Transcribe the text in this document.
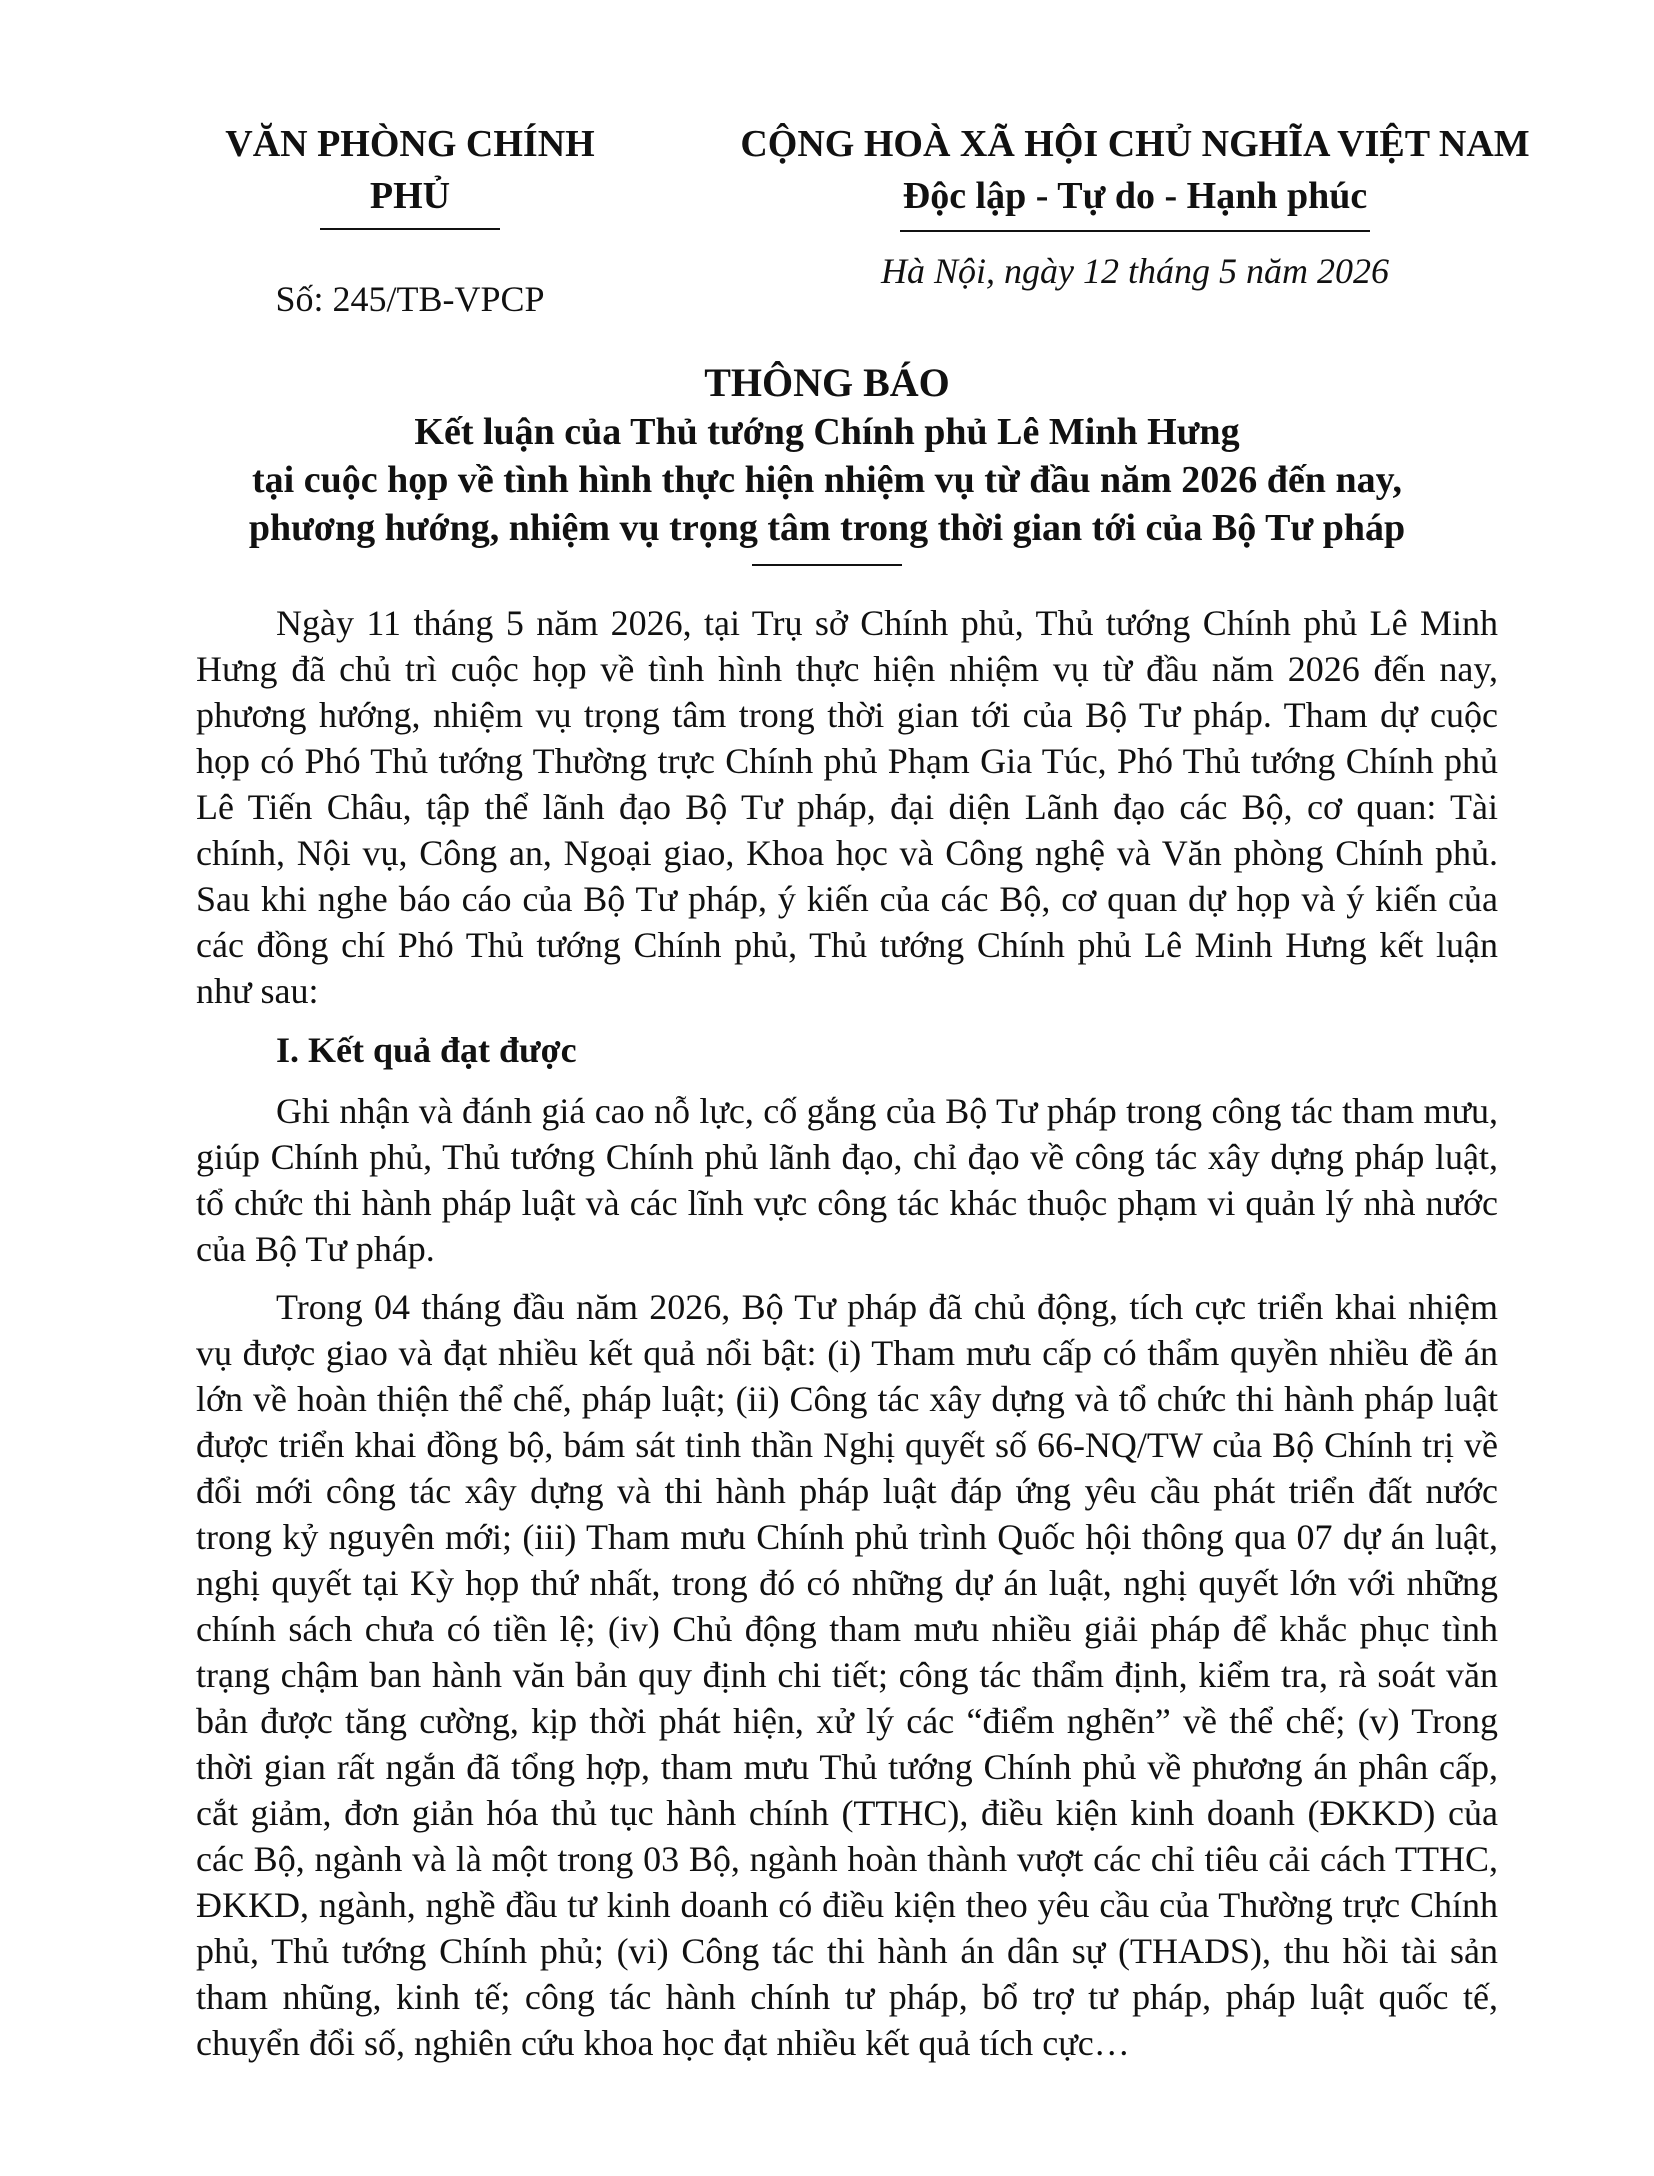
VĂN PHÒNG CHÍNH PHỦ
Số: 245/TB-VPCP
CỘNG HOÀ XÃ HỘI CHỦ NGHĨA VIỆT NAM
Độc lập - Tự do - Hạnh phúc
Hà Nội, ngày 12 tháng 5 năm 2026
THÔNG BÁO

Kết luận của Thủ tướng Chính phủ Lê Minh Hưng

tại cuộc họp về tình hình thực hiện nhiệm vụ từ đầu năm 2026 đến nay,

phương hướng, nhiệm vụ trọng tâm trong thời gian tới của Bộ Tư pháp

Ngày 11 tháng 5 năm 2026, tại Trụ sở Chính phủ, Thủ tướng Chính phủ Lê Minh Hưng đã chủ trì cuộc họp về tình hình thực hiện nhiệm vụ từ đầu năm 2026 đến nay, phương hướng, nhiệm vụ trọng tâm trong thời gian tới của Bộ Tư pháp. Tham dự cuộc họp có Phó Thủ tướng Thường trực Chính phủ Phạm Gia Túc, Phó Thủ tướng Chính phủ Lê Tiến Châu, tập thể lãnh đạo Bộ Tư pháp, đại diện Lãnh đạo các Bộ, cơ quan: Tài chính, Nội vụ, Công an, Ngoại giao, Khoa học và Công nghệ và Văn phòng Chính phủ. Sau khi nghe báo cáo của Bộ Tư pháp, ý kiến của các Bộ, cơ quan dự họp và ý kiến của các đồng chí Phó Thủ tướng Chính phủ, Thủ tướng Chính phủ Lê Minh Hưng kết luận như sau:

I. Kết quả đạt được

Ghi nhận và đánh giá cao nỗ lực, cố gắng của Bộ Tư pháp trong công tác tham mưu, giúp Chính phủ, Thủ tướng Chính phủ lãnh đạo, chỉ đạo về công tác xây dựng pháp luật, tổ chức thi hành pháp luật và các lĩnh vực công tác khác thuộc phạm vi quản lý nhà nước của Bộ Tư pháp.

Trong 04 tháng đầu năm 2026, Bộ Tư pháp đã chủ động, tích cực triển khai nhiệm vụ được giao và đạt nhiều kết quả nổi bật: (i) Tham mưu cấp có thẩm quyền nhiều đề án lớn về hoàn thiện thể chế, pháp luật; (ii) Công tác xây dựng và tổ chức thi hành pháp luật được triển khai đồng bộ, bám sát tinh thần Nghị quyết số 66-NQ/TW của Bộ Chính trị về đổi mới công tác xây dựng và thi hành pháp luật đáp ứng yêu cầu phát triển đất nước trong kỷ nguyên mới; (iii) Tham mưu Chính phủ trình Quốc hội thông qua 07 dự án luật, nghị quyết tại Kỳ họp thứ nhất, trong đó có những dự án luật, nghị quyết lớn với những chính sách chưa có tiền lệ; (iv) Chủ động tham mưu nhiều giải pháp để khắc phục tình trạng chậm ban hành văn bản quy định chi tiết; công tác thẩm định, kiểm tra, rà soát văn bản được tăng cường, kịp thời phát hiện, xử lý các “điểm nghẽn” về thể chế; (v) Trong thời gian rất ngắn đã tổng hợp, tham mưu Thủ tướng Chính phủ về phương án phân cấp, cắt giảm, đơn giản hóa thủ tục hành chính (TTHC), điều kiện kinh doanh (ĐKKD) của các Bộ, ngành và là một trong 03 Bộ, ngành hoàn thành vượt các chỉ tiêu cải cách TTHC, ĐKKD, ngành, nghề đầu tư kinh doanh có điều kiện theo yêu cầu của Thường trực Chính phủ, Thủ tướng Chính phủ; (vi) Công tác thi hành án dân sự (THADS), thu hồi tài sản tham nhũng, kinh tế; công tác hành chính tư pháp, bổ trợ tư pháp, pháp luật quốc tế, chuyển đổi số, nghiên cứu khoa học đạt nhiều kết quả tích cực…
